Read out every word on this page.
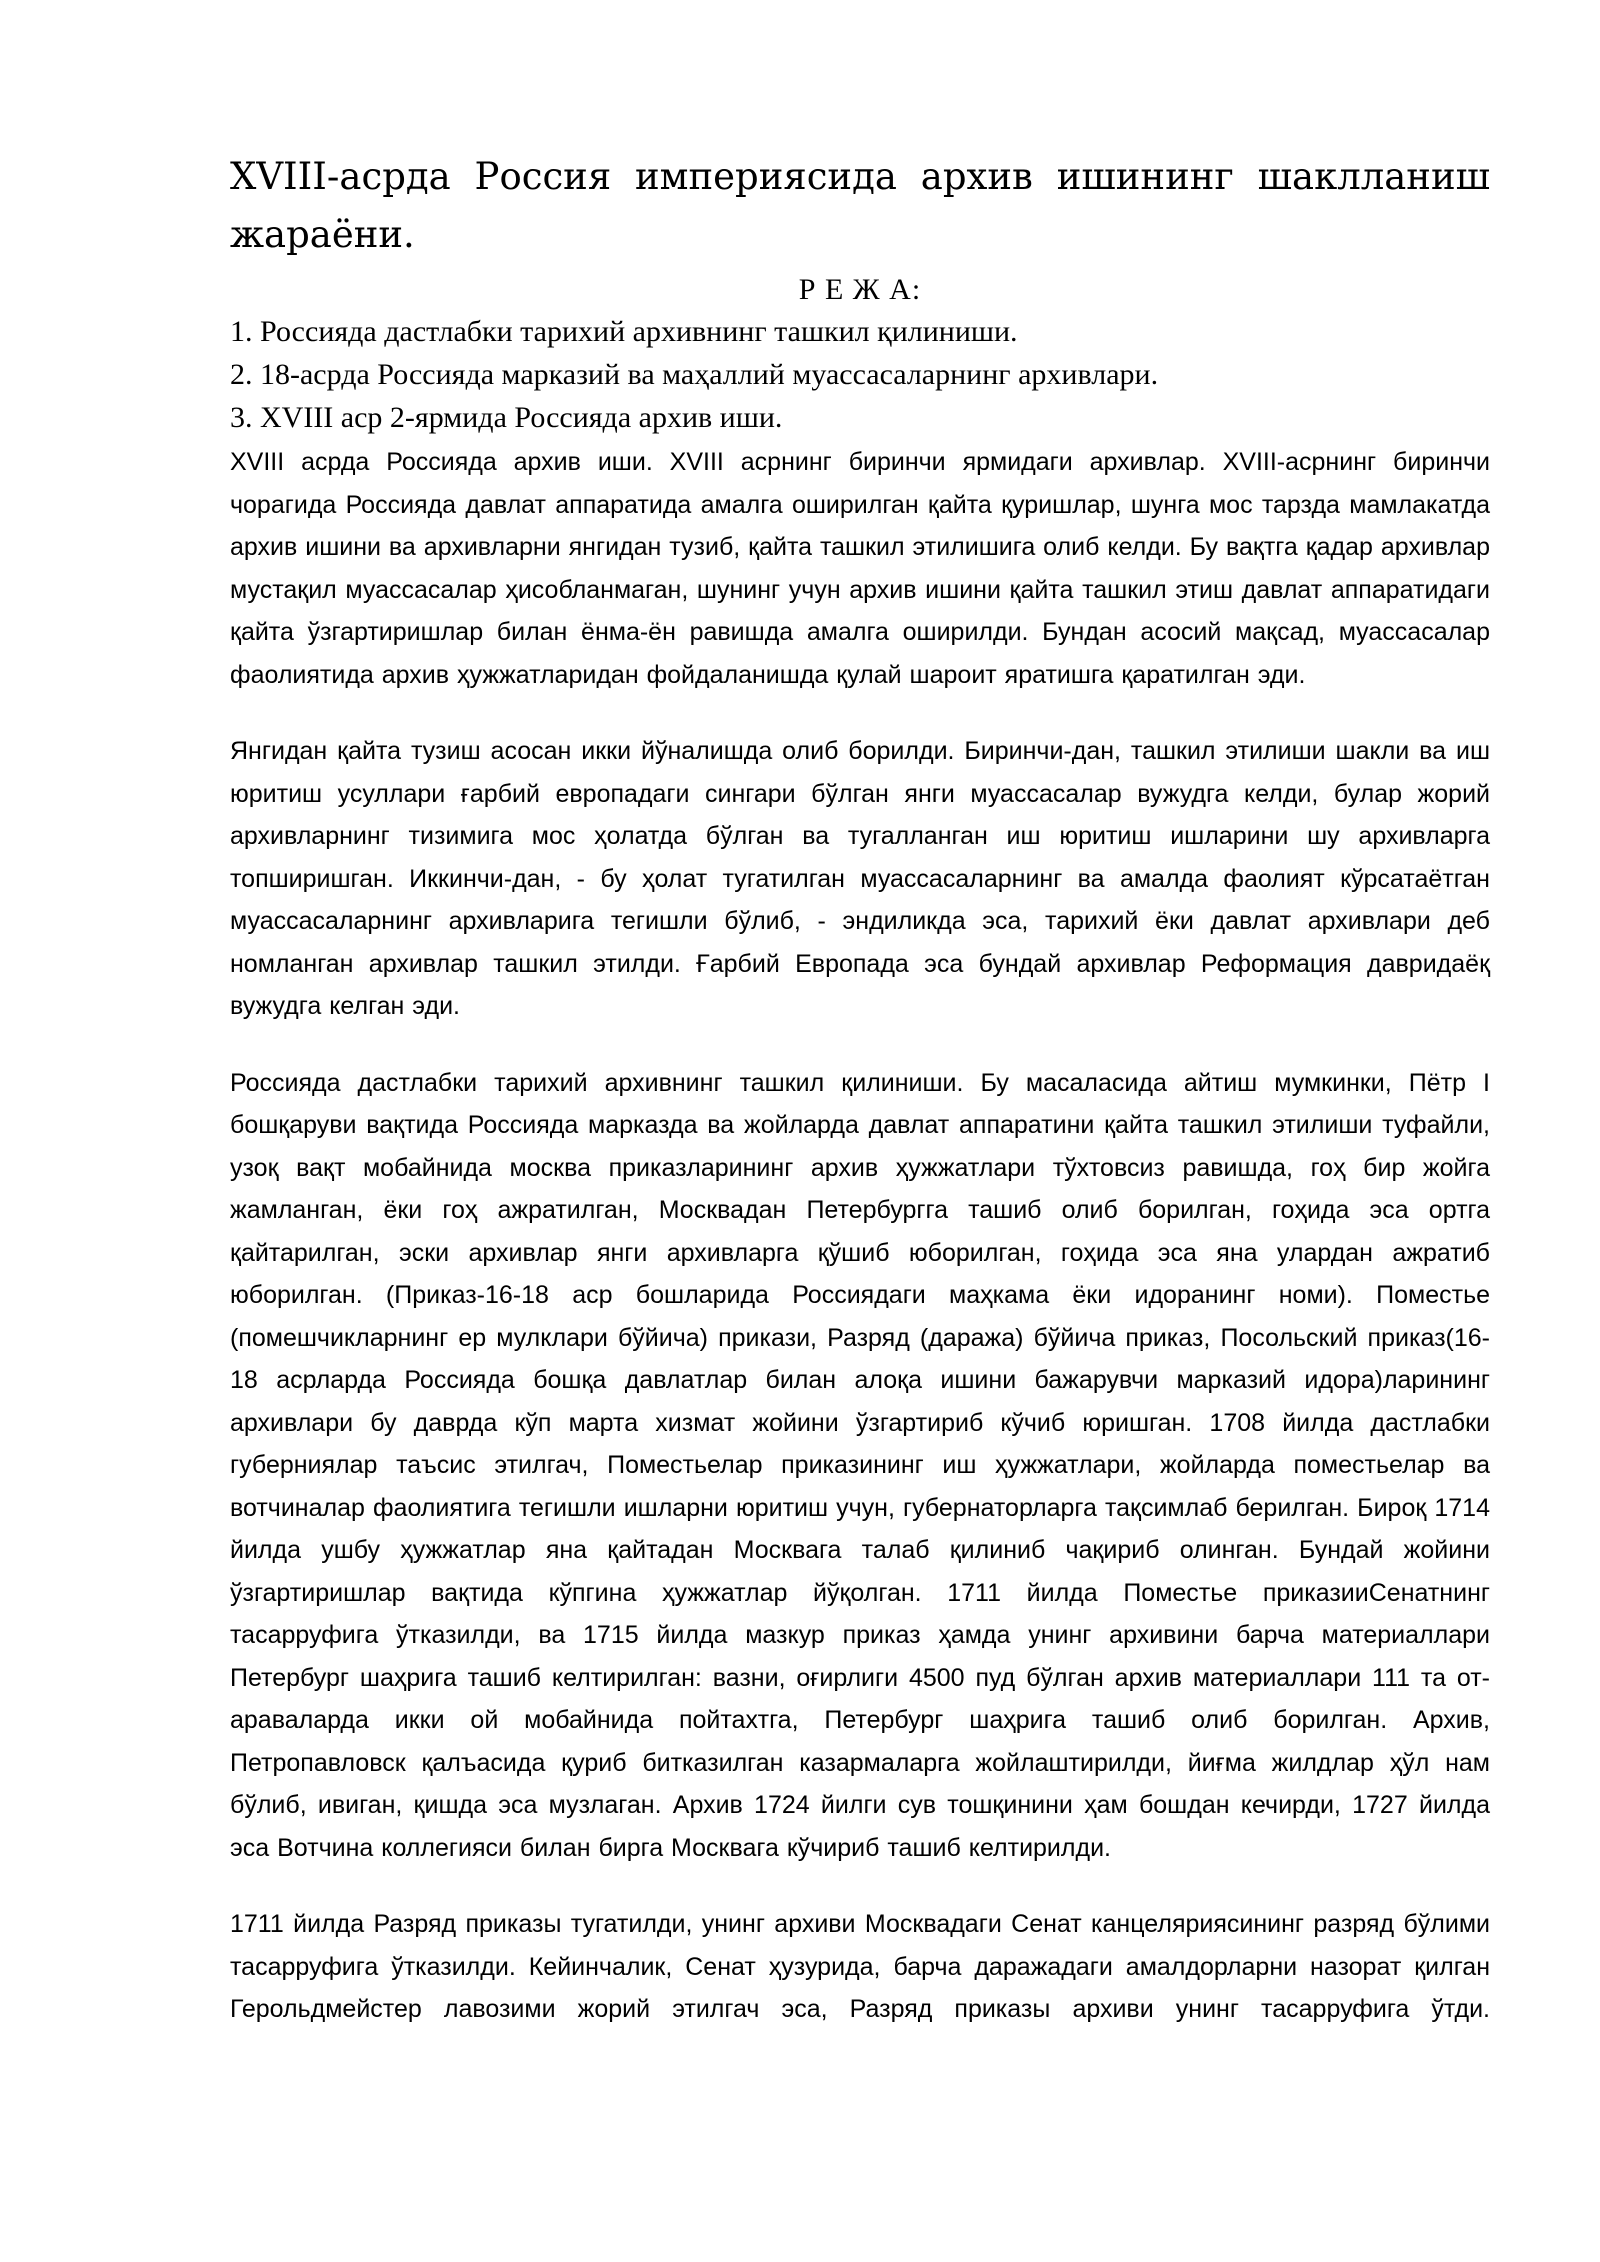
XVIII-асрда Россия империясида архив ишининг шаклланиш жараёни.
Р Е Ж А:
1. Россияда дастлабки тарихий архивнинг ташкил қилиниши.
2. 18-асрда Россияда марказий ва маҳаллий муассасаларнинг архивлари.
3. XVIII аср 2-ярмида Россияда архив иши.

XVIII асрда Россияда архив иши. XVIII асрнинг биринчи ярмидаги архивлар. XVIII-асрнинг биринчи чорагида Россияда давлат аппаратида амалга оширилган қайта қуришлар, шунга мос тарзда мамлакатда архив ишини ва архивларни янгидан тузиб, қайта ташкил этилишига олиб келди. Бу вақтга қадар архивлар мустақил муассасалар ҳисобланмаган, шунинг учун архив ишини қайта ташкил этиш давлат аппаратидаги қайта ўзгартиришлар билан ёнма-ён равишда амалга оширилди. Бундан асосий мақсад, муассасалар фаолиятида архив ҳужжатларидан фойдаланишда қулай шароит яратишга қаратилган эди.

Янгидан қайта тузиш асосан икки йўналишда олиб борилди. Биринчи-дан, ташкил этилиши шакли ва иш юритиш усуллари ғарбий европадаги сингари бўлган янги муассасалар вужудга келди, булар жорий архивларнинг тизимига мос ҳолатда бўлган ва тугалланган иш юритиш ишларини шу архивларга топширишган. Иккинчи-дан, - бу ҳолат тугатилган муассасаларнинг ва амалда фаолият кўрсатаётган муассасаларнинг архивларига тегишли бўлиб, - эндиликда эса, тарихий ёки давлат архивлари деб номланган архивлар ташкил этилди. Ғарбий Европада эса бундай архивлар Реформация давридаёқ вужудга келган эди.

Россияда дастлабки тарихий архивнинг ташкил қилиниши. Бу масаласида айтиш мумкинки, Пётр I бошқаруви вақтида Россияда марказда ва жойларда давлат аппаратини қайта ташкил этилиши туфайли, узоқ вақт мобайнида москва приказларининг архив ҳужжатлари тўхтовсиз равишда, гоҳ бир жойга жамланган, ёки гоҳ ажратилган, Москвадан Петербургга ташиб олиб борилган, гоҳида эса ортга қайтарилган, эски архивлар янги архивларга қўшиб юборилган, гоҳида эса яна улардан ажратиб юборилган. (Приказ-16-18 аср бошларида Россиядаги маҳкама ёки идоранинг номи). Поместье (помешчикларнинг ер мулклари бўйича) прикази, Разряд (даража) бўйича приказ, Посольский приказ(16-18 асрларда Россияда бошқа давлатлар билан алоқа ишини бажарувчи марказий идора)ларининг архивлари бу даврда кўп марта хизмат жойини ўзгартириб кўчиб юришган. 1708 йилда дастлабки губерниялар таъсис этилгач, Поместьелар приказининг иш ҳужжатлари, жойларда поместьелар ва вотчиналар фаолиятига тегишли ишларни юритиш учун, губернаторларга тақсимлаб берилган. Бироқ 1714 йилда ушбу ҳужжатлар яна қайтадан Москвага талаб қилиниб чақириб олинган. Бундай жойини ўзгартиришлар вақтида кўпгина ҳужжатлар йўқолган. 1711 йилда Поместье приказииСенатнинг тасарруфига ўтказилди, ва 1715 йилда мазкур приказ ҳамда унинг архивини барча материаллари Петербург шаҳрига ташиб келтирилган: вазни, оғирлиги 4500 пуд бўлган архив материаллари 111 та от-араваларда икки ой мобайнида пойтахтга, Петербург шаҳрига ташиб олиб борилган. Архив, Петропавловск қалъасида қуриб битказилган казармаларга жойлаштирилди, йиғма жилдлар ҳўл нам бўлиб, ивиган, қишда эса музлаган. Архив 1724 йилги сув тошқинини ҳам бошдан кечирди, 1727 йилда эса Вотчина коллегияси билан бирга Москвага кўчириб ташиб келтирилди.

1711 йилда Разряд приказы тугатилди, унинг архиви Москвадаги Сенат канцеляриясининг разряд бўлими тасарруфига ўтказилди. Кейинчалик, Сенат ҳузурида, барча даражадаги амалдорларни назорат қилган Герольдмейстер лавозими жорий этилгач эса, Разряд приказы архиви унинг тасарруфига ўтди.
